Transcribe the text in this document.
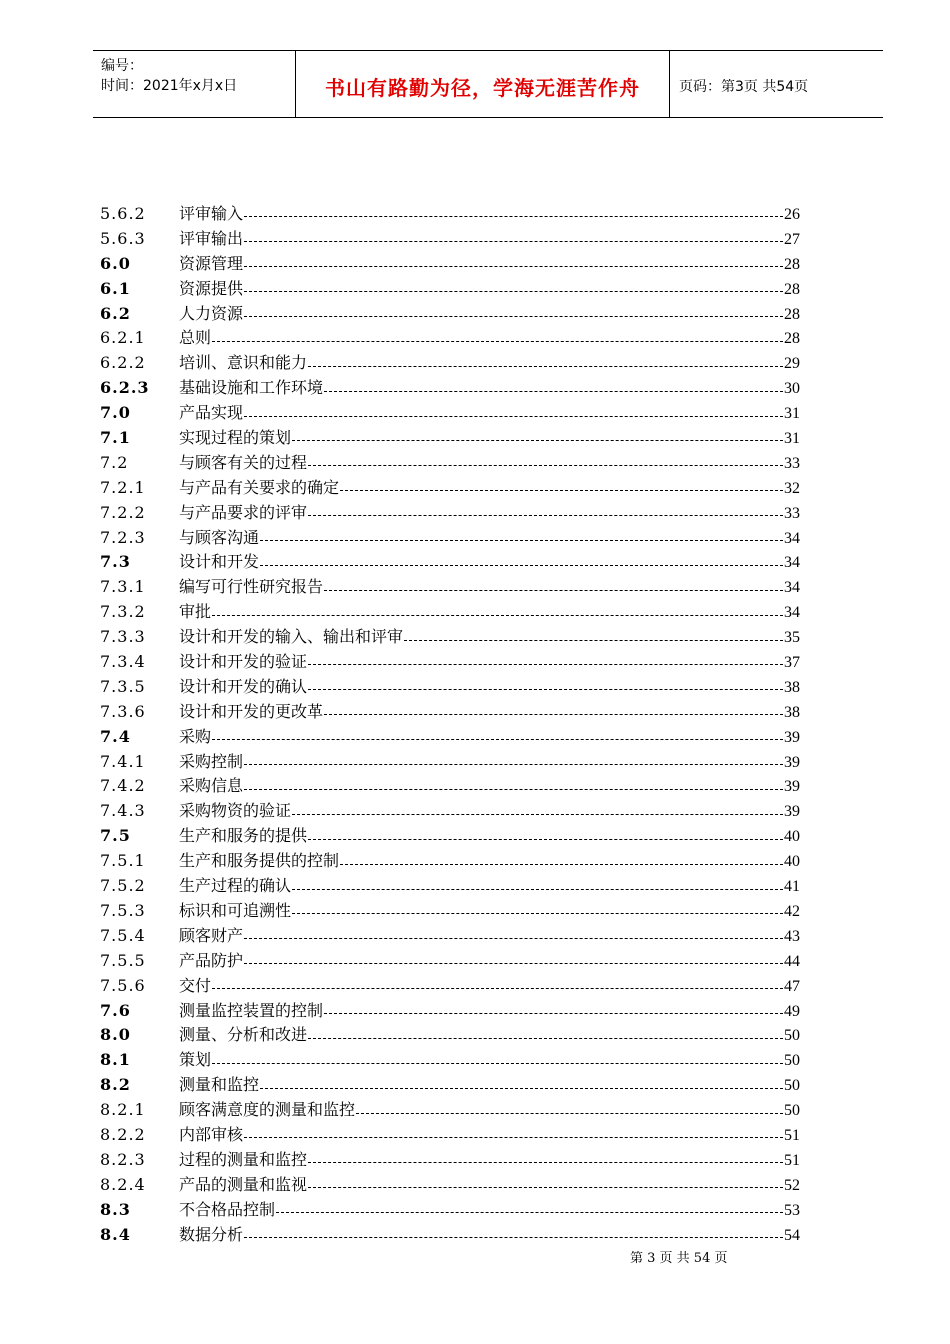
编号：
时间：2021年x月x日	书山有路勤为径，学海无涯苦作舟	页码：第3页 共54页
5.6.2 评审输入	26
5.6.3 评审输出	27
6.0	资源管理	28
6.1	资源提供	28
6.2	人力资源	28
6.2.1 总则	28
6.2.2 培训、意识和能力	29
6.2.3 基础设施和工作环境	30
7.0	产品实现	31
7.1	实现过程的策划	31
7.2	与顾客有关的过程	33
7.2.1 与产品有关要求的确定	32
7.2.2 与产品要求的评审	33
7.2.3 与顾客沟通	34
7.3	设计和开发	34
7.3.1 编写可行性研究报告	34
7.3.2 审批	34
7.3.3 设计和开发的输入、输出和评审	35
7.3.4 设计和开发的验证	37
7.3.5 设计和开发的确认	38
7.3.6 设计和开发的更改革	38
7.4	采购	39
7.4.1 采购控制	39
7.4.2 采购信息	39
7.4.3 采购物资的验证	39
7.5	生产和服务的提供	40
7.5.1 生产和服务提供的控制	40
7.5.2 生产过程的确认	41
7.5.3 标识和可追溯性	42
7.5.4 顾客财产	43
7.5.5 产品防护	44
7.5.6 交付	47
7.6	测量监控装置的控制	49
8.0	测量、分析和改进	50
8.1	策划	50
8.2	测量和监控	50
8.2.1 顾客满意度的测量和监控	50
8.2.2 内部审核	51
8.2.3 过程的测量和监控	51
8.2.4 产品的测量和监视	52
8.3	不合格品控制	53
8.4	数据分析	54
第 3 页 共 54 页
